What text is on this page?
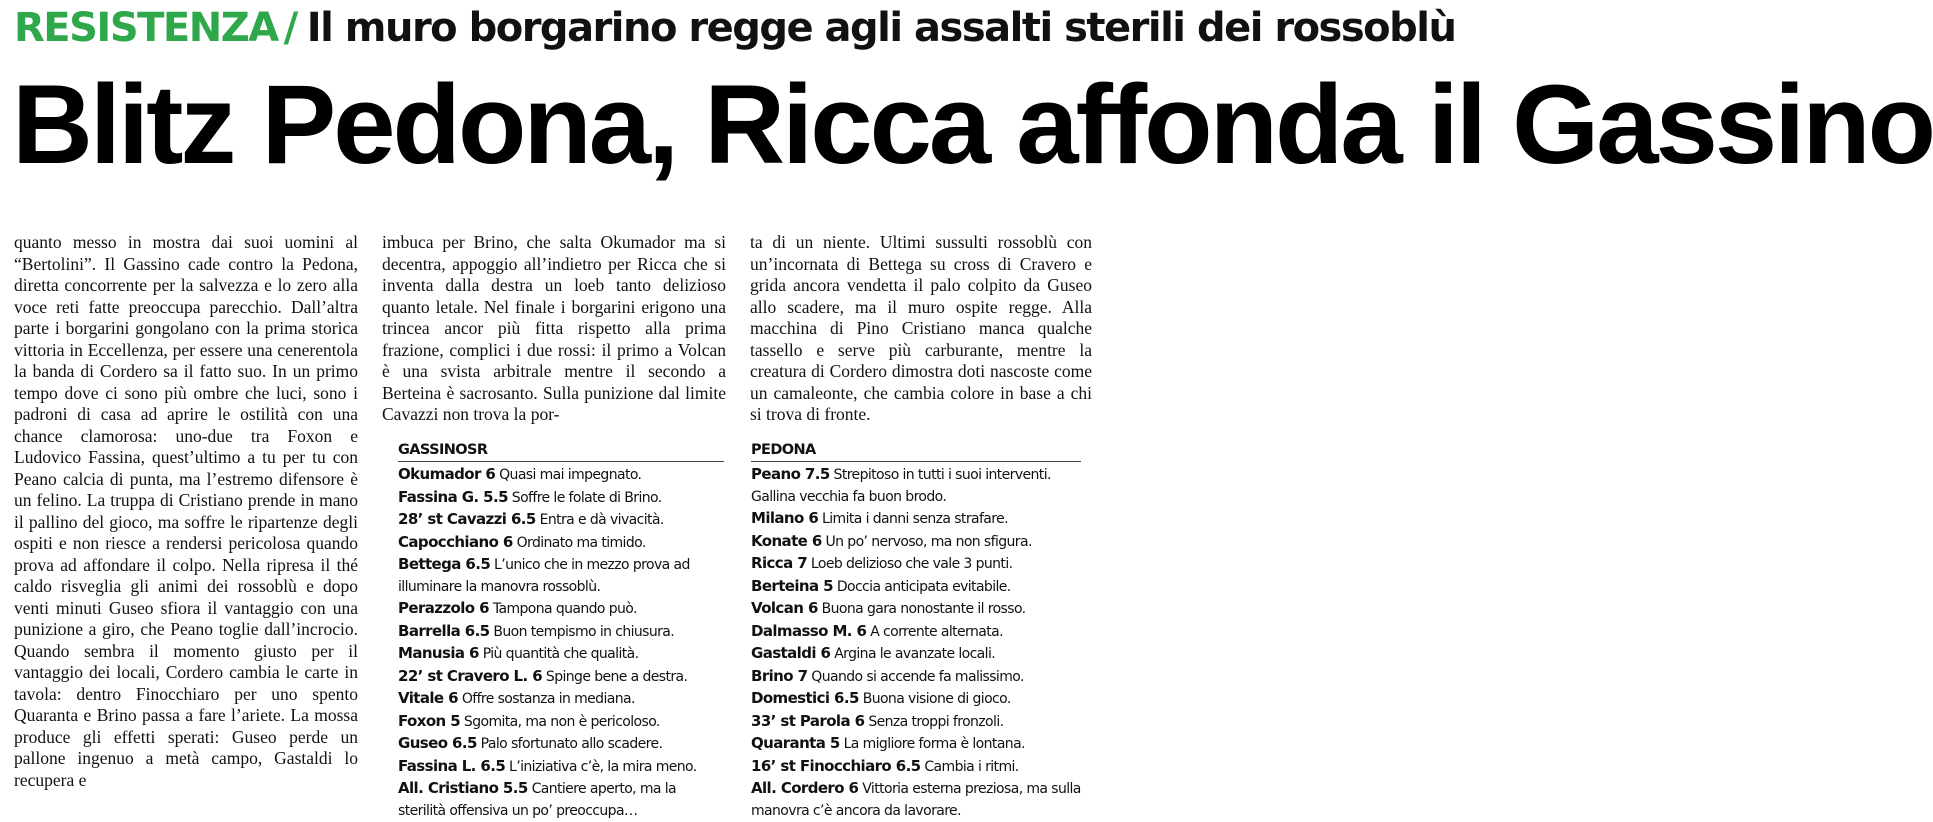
RESISTENZA / Il muro borgarino regge agli assalti sterili dei rossoblù
Blitz Pedona, Ricca affonda il Gassino
quanto messo in mostra dai suoi uomini al “Bertolini”. Il Gassino cade contro la Pedona, diretta concorrente per la salvezza e lo zero alla voce reti fatte preoccupa parecchio. Dall’altra parte i borgarini gongolano con la prima storica vittoria in Eccellenza, per essere una cenerentola la banda di Cordero sa il fatto suo. In un primo tempo dove ci sono più ombre che luci, sono i padroni di casa ad aprire le ostilità con una chance clamorosa: uno-due tra Foxon e Ludovico Fassina, quest’ultimo a tu per tu con Peano calcia di punta, ma l’estremo difensore è un felino. La truppa di Cristiano prende in mano il pallino del gioco, ma soffre le ripartenze degli ospiti e non riesce a rendersi pericolosa quando prova ad affondare il colpo. Nella ripresa il thé caldo risveglia gli animi dei rossoblù e dopo venti minuti Guseo sfiora il vantaggio con una punizione a giro, che Peano toglie dall’incrocio. Quando sembra il momento giusto per il vantaggio dei locali, Cordero cambia le carte in tavola: dentro Finocchiaro per uno spento Quaranta e Brino passa a fare l’ariete. La mossa produce gli effetti sperati: Guseo perde un pallone ingenuo a metà campo, Gastaldi lo recupera e
imbuca per Brino, che salta Okumador ma si decentra, appoggio all’indietro per Ricca che si inventa dalla destra un loeb tanto delizioso quanto letale. Nel finale i borgarini erigono una trincea ancor più fitta rispetto alla prima frazione, complici i due rossi: il primo a Volcan è una svista arbitrale mentre il secondo a Berteina è sacrosanto. Sulla punizione dal limite Cavazzi non trova la por-
ta di un niente. Ultimi sussulti rossoblù con un’incornata di Bettega su cross di Cravero e grida ancora vendetta il palo colpito da Guseo allo scadere, ma il muro ospite regge. Alla macchina di Pino Cristiano manca qualche tassello e serve più carburante, mentre la creatura di Cordero dimostra doti nascoste come un camaleonte, che cambia colore in base a chi si trova di fronte.
GASSINOSR
Okumador 6 Quasi mai impegnato.
Fassina G. 5.5 Soffre le folate di Brino.
28’ st Cavazzi 6.5 Entra e dà vivacità.
Capocchiano 6 Ordinato ma timido.
Bettega 6.5 L’unico che in mezzo prova ad illuminare la manovra rossoblù.
Perazzolo 6 Tampona quando può.
Barrella 6.5 Buon tempismo in chiusura.
Manusia 6 Più quantità che qualità.
22’ st Cravero L. 6 Spinge bene a destra.
Vitale 6 Offre sostanza in mediana.
Foxon 5 Sgomita, ma non è pericoloso.
Guseo 6.5 Palo sfortunato allo scadere.
Fassina L. 6.5 L’iniziativa c’è, la mira meno.
All. Cristiano 5.5 Cantiere aperto, ma la sterilità offensiva un po’ preoccupa…
PEDONA
Peano 7.5 Strepitoso in tutti i suoi interventi. Gallina vecchia fa buon brodo.
Milano 6 Limita i danni senza strafare.
Konate 6 Un po’ nervoso, ma non sfigura.
Ricca 7 Loeb delizioso che vale 3 punti.
Berteina 5 Doccia anticipata evitabile.
Volcan 6 Buona gara nonostante il rosso.
Dalmasso M. 6 A corrente alternata.
Gastaldi 6 Argina le avanzate locali.
Brino 7 Quando si accende fa malissimo.
Domestici 6.5 Buona visione di gioco.
33’ st Parola 6 Senza troppi fronzoli.
Quaranta 5 La migliore forma è lontana.
16’ st Finocchiaro 6.5 Cambia i ritmi.
All. Cordero 6 Vittoria esterna preziosa, ma sulla manovra c’è ancora da lavorare.
